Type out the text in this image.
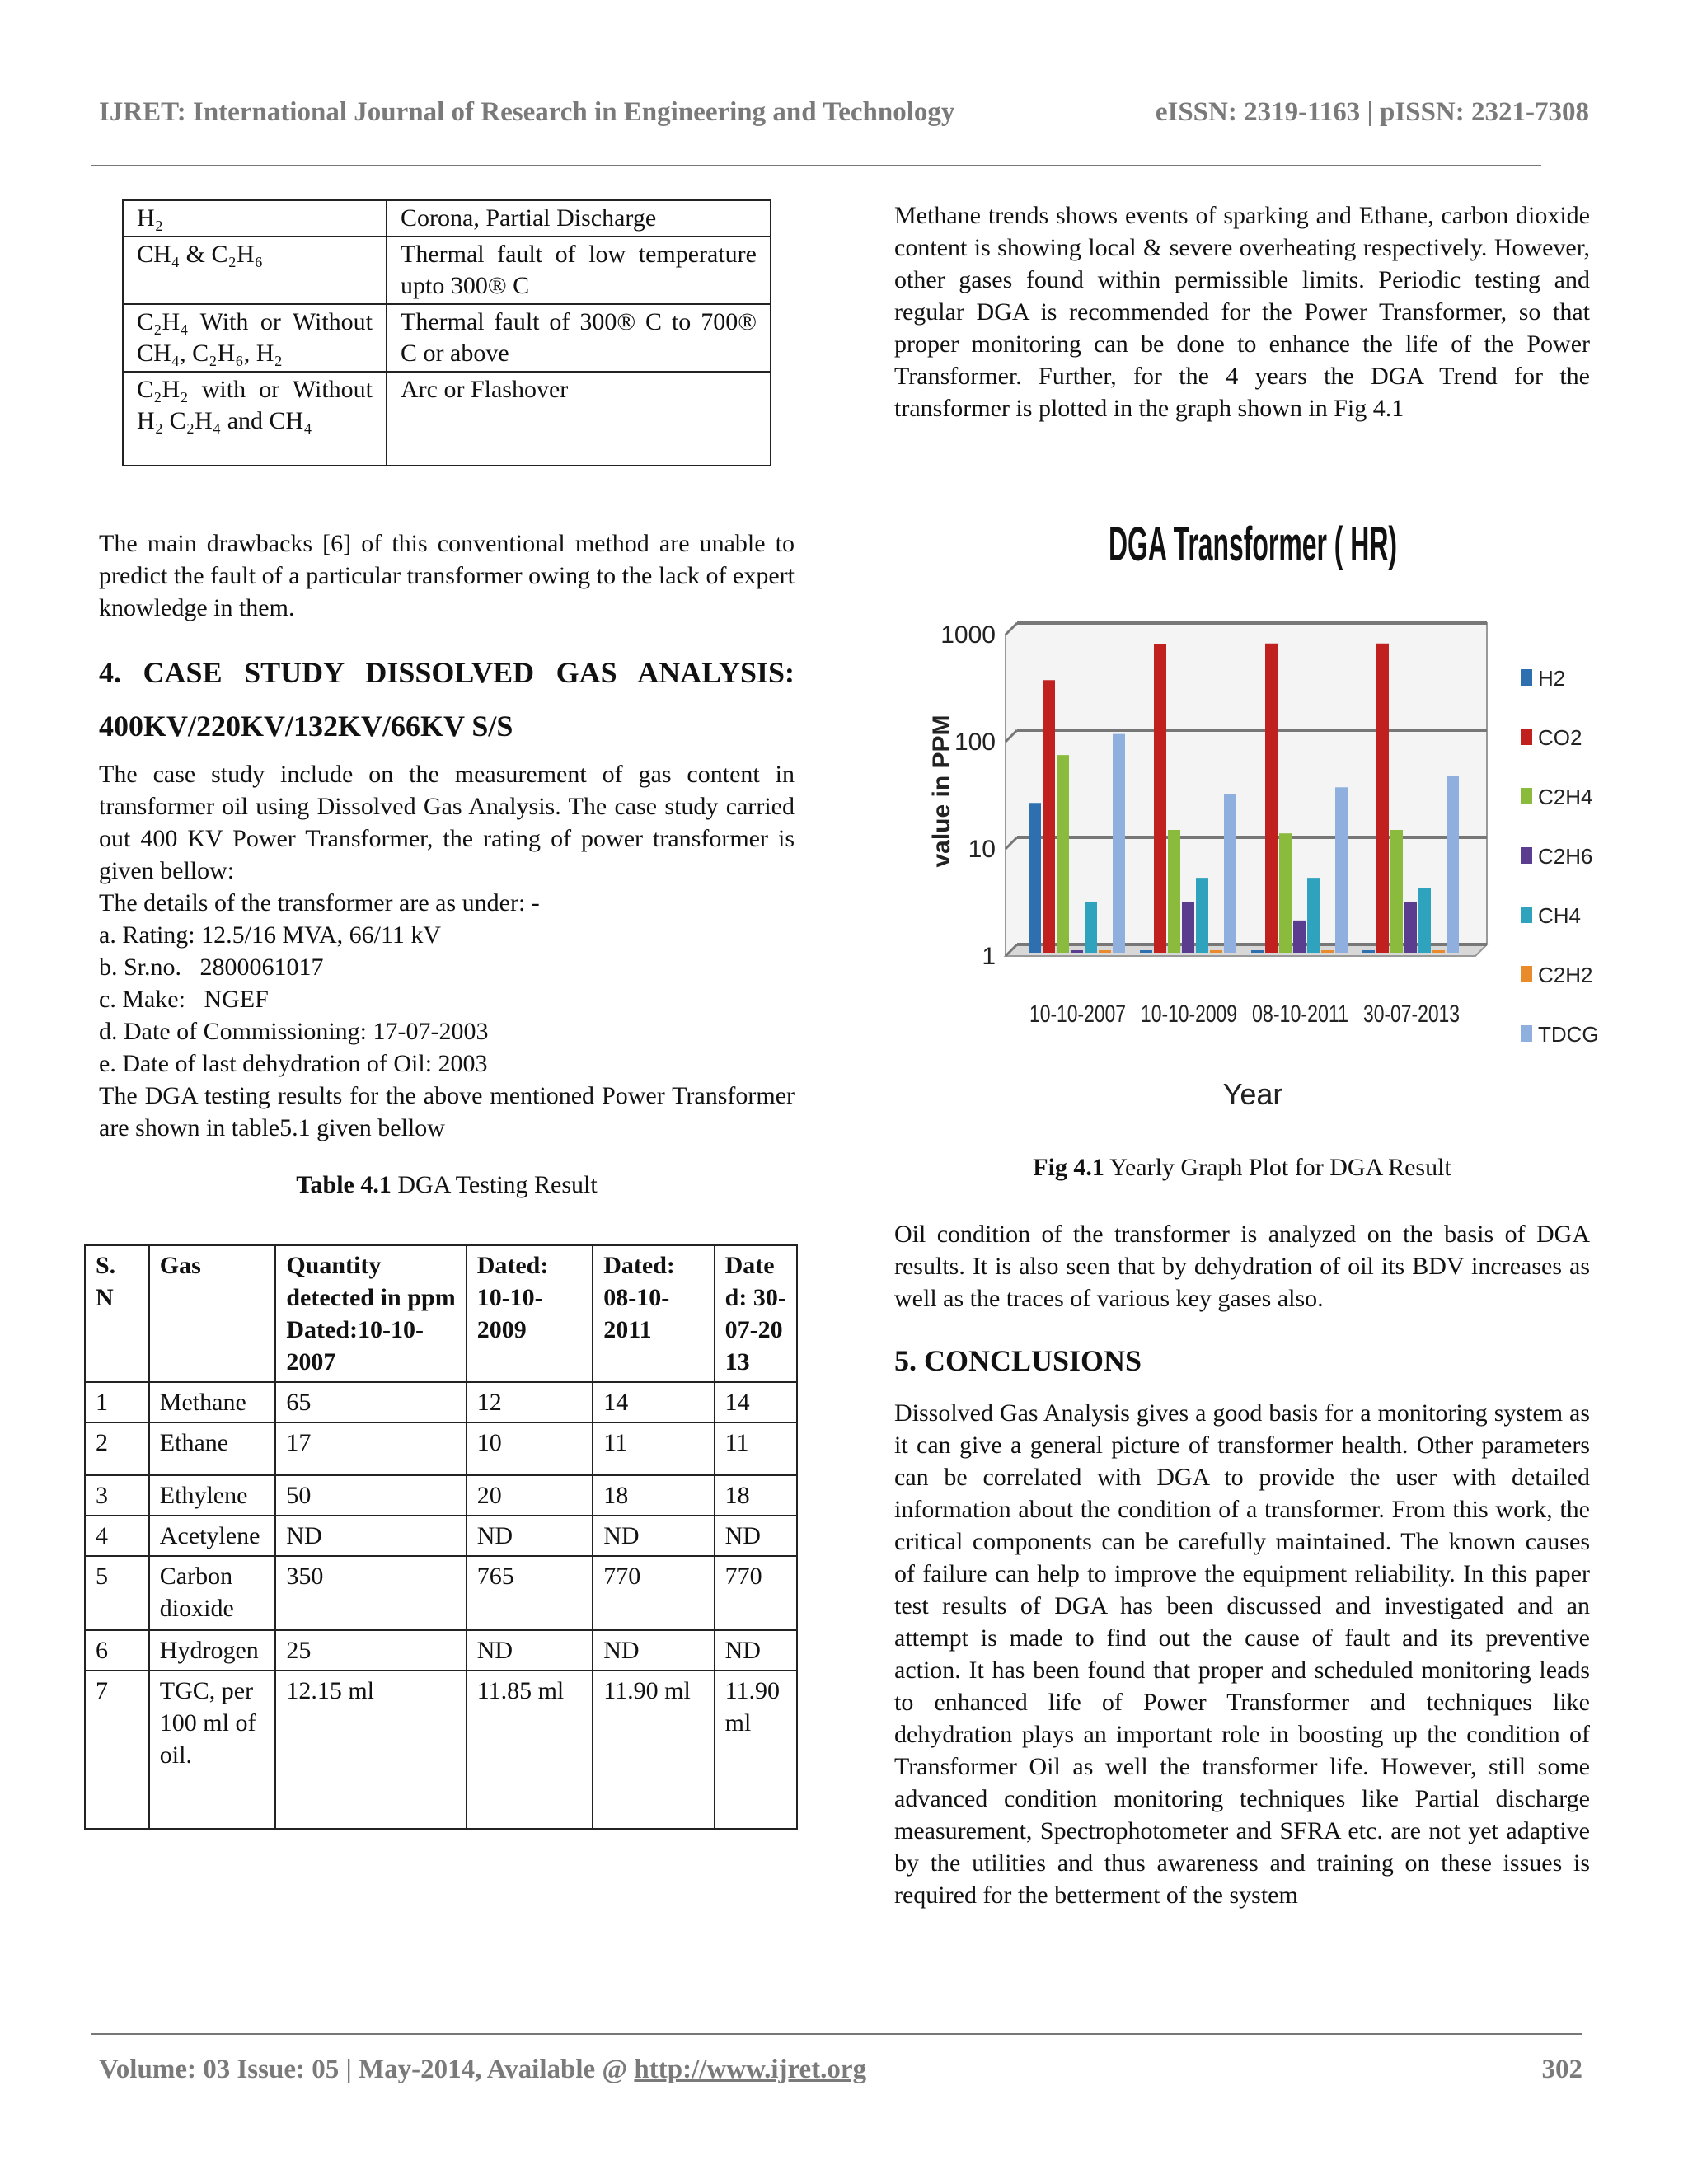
IJRET: International Journal of Research in Engineering and Technology	eISSN: 2319-1163 | pISSN: 2321-7308
H₂	Corona, Partial Discharge
CH₄ & C₂H₆	Thermal fault of low temperature upto 300® C
C₂H₄ With or Without CH₄, C₂H₆, H₂	Thermal fault of 300® C to 700® C or above
C₂H₂ with or Without H₂ C₂H₄ and CH₄	Arc or Flashover

The main drawbacks [6] of this conventional method are unable to predict the fault of a particular transformer owing to the lack of expert knowledge in them.

4. CASE STUDY DISSOLVED GAS ANALYSIS:
400KV/220KV/132KV/66KV S/S

The case study include on the measurement of gas content in transformer oil using Dissolved Gas Analysis. The case study carried out 400 KV Power Transformer, the rating of power transformer is given bellow:

The details of the transformer are as under: -

a. Rating: 12.5/16 MVA, 66/11 kV

b. Sr.no.   2800061017

c. Make:   NGEF

d. Date of Commissioning: 17-07-2003

e. Date of last dehydration of Oil: 2003

The DGA testing results for the above mentioned Power Transformer are shown in table5.1 given bellow

Table 4.1 DGA Testing Result
S. N	Gas	Quantity detected in ppm Dated:10-10-2007	Dated: 10-10-2009	Dated: 08-10-2011	Date d: 30-07-2013
1	Methane	65	12	14	14
2	Ethane	17	10	11	11
3	Ethylene	50	20	18	18
4	Acetylene	ND	ND	ND	ND
5	Carbon dioxide	350	765	770	770
6	Hydrogen	25	ND	ND	ND
7	TGC, per 100 ml of oil.	12.15 ml	11.85 ml	11.90 ml	11.90 ml

Methane trends shows events of sparking and Ethane, carbon dioxide content is showing local & severe overheating respectively. However, other gases found within permissible limits. Periodic testing and regular DGA is recommended for the Power Transformer, so that proper monitoring can be done to enhance the life of the Power Transformer. Further, for the 4 years the DGA Trend for the transformer is plotted in the graph shown in Fig 4.1

DGA Transformer ( HR)
1
10
100
1000
10-10-2007 10-10-2009 08-10-2011 30-07-2013
H2
CO2
C2H4
C2H6
CH4
C2H2
TDCG
value in PPM
Year
Fig 4.1 Yearly Graph Plot for DGA Result

Oil condition of the transformer is analyzed on the basis of DGA results. It is also seen that by dehydration of oil its BDV increases as well as the traces of various key gases also.

5. CONCLUSIONS

Dissolved Gas Analysis gives a good basis for a monitoring system as it can give a general picture of transformer health. Other parameters can be correlated with DGA to provide the user with detailed information about the condition of a transformer. From this work, the critical components can be carefully maintained. The known causes of failure can help to improve the equipment reliability. In this paper test results of DGA has been discussed and investigated and an attempt is made to find out the cause of fault and its preventive action. It has been found that proper and scheduled monitoring leads to enhanced life of Power Transformer and techniques like dehydration plays an important role in boosting up the condition of Transformer Oil as well the transformer life. However, still some advanced condition monitoring techniques like Partial discharge measurement, Spectrophotometer and SFRA etc. are not yet adaptive by the utilities and thus awareness and training on these issues is required for the betterment of the system

Volume: 03 Issue: 05 | May-2014, Available @ http://www.ijret.org	302
